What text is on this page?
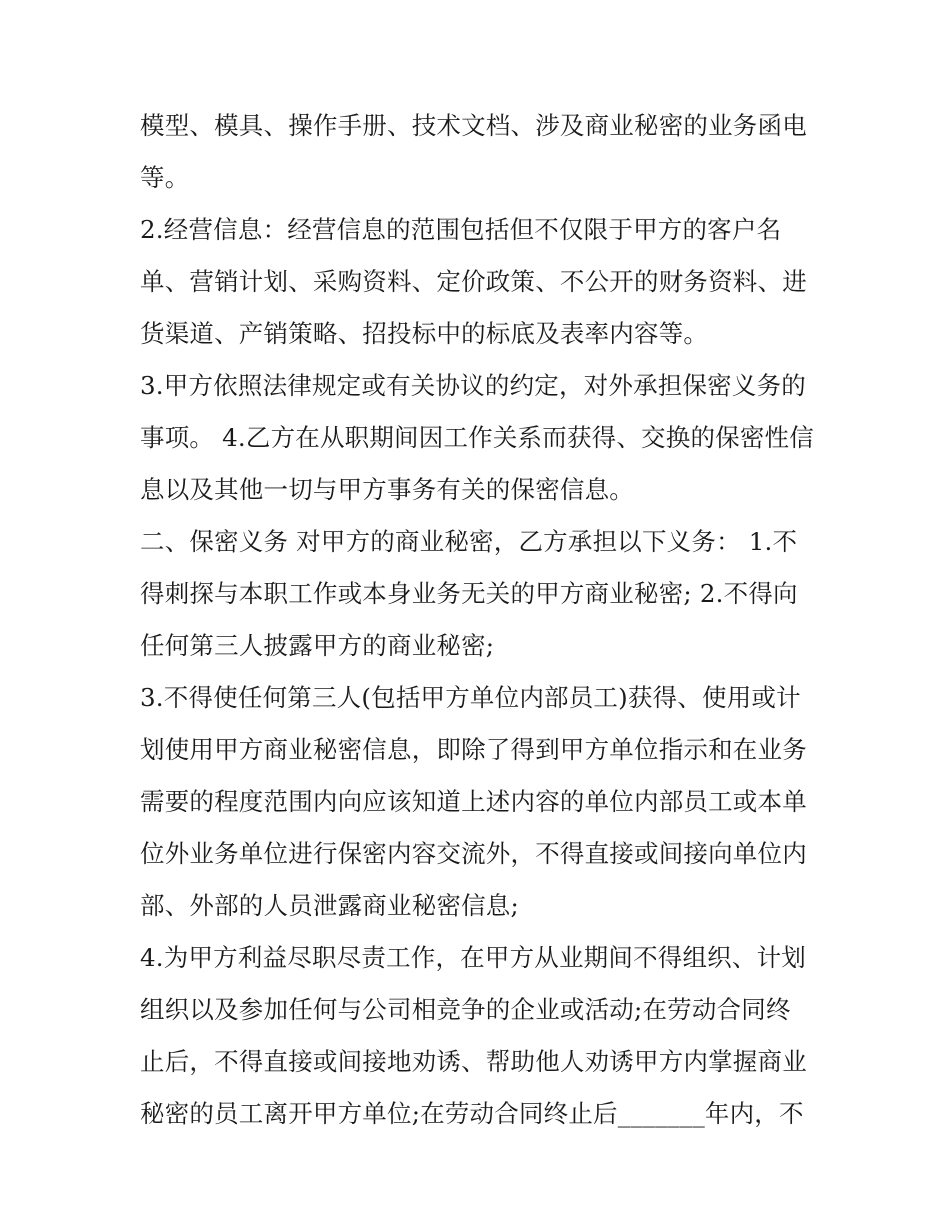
模型、模具、操作手册、技术文档、涉及商业秘密的业务函电
等。
2.经营信息：经营信息的范围包括但不仅限于甲方的客户名
单、营销计划、采购资料、定价政策、不公开的财务资料、进
货渠道、产销策略、招投标中的标底及表率内容等。
3.甲方依照法律规定或有关协议的约定，对外承担保密义务的
事项。 4.乙方在从职期间因工作关系而获得、交换的保密性信
息以及其他一切与甲方事务有关的保密信息。
二、保密义务 对甲方的商业秘密，乙方承担以下义务： 1.不
得刺探与本职工作或本身业务无关的甲方商业秘密; 2.不得向
任何第三人披露甲方的商业秘密;
3.不得使任何第三人(包括甲方单位内部员工)获得、使用或计
划使用甲方商业秘密信息，即除了得到甲方单位指示和在业务
需要的程度范围内向应该知道上述内容的单位内部员工或本单
位外业务单位进行保密内容交流外，不得直接或间接向单位内
部、外部的人员泄露商业秘密信息;
4.为甲方利益尽职尽责工作，在甲方从业期间不得组织、计划
组织以及参加任何与公司相竞争的企业或活动;在劳动合同终
止后，不得直接或间接地劝诱、帮助他人劝诱甲方内掌握商业
秘密的员工离开甲方单位;在劳动合同终止后_______年内，不
